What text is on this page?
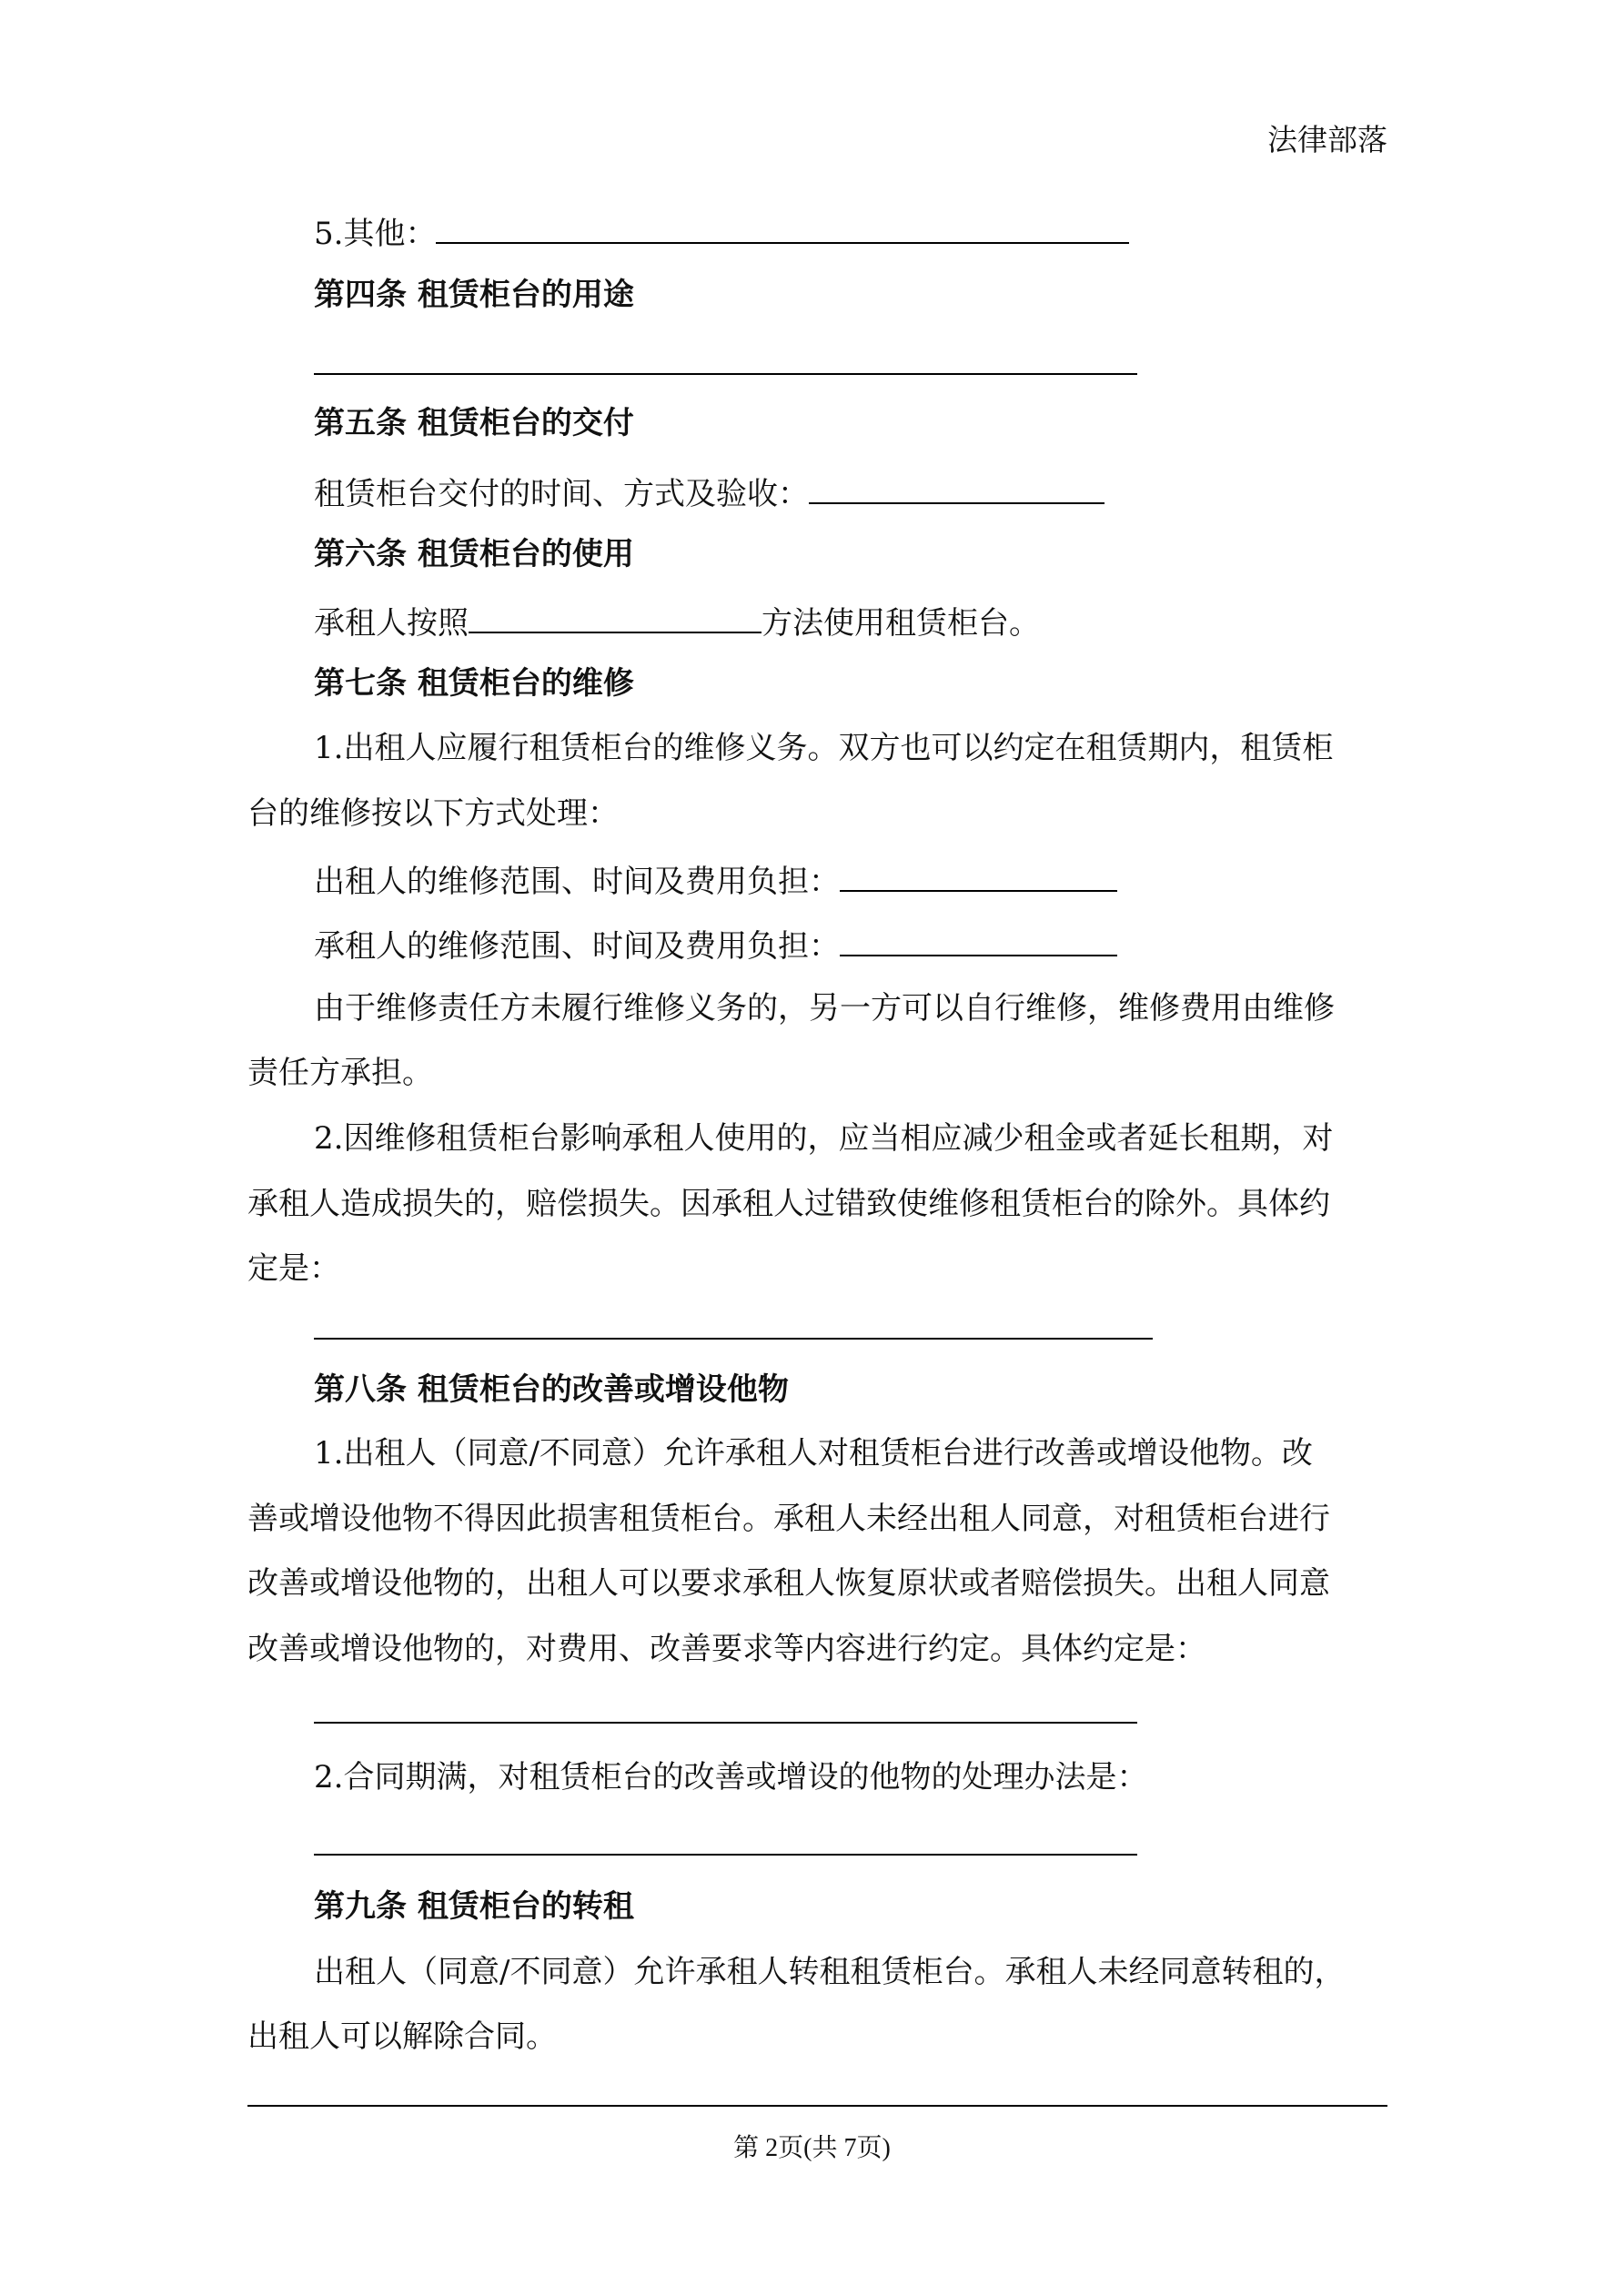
法律部落
5.其他：
第四条 租赁柜台的用途
第五条 租赁柜台的交付
租赁柜台交付的时间、方式及验收：
第六条 租赁柜台的使用
承租人按照	方法使用租赁柜台。
第七条 租赁柜台的维修
1.出租人应履行租赁柜台的维修义务。双方也可以约定在租赁期内，租赁柜
台的维修按以下方式处理：
出租人的维修范围、时间及费用负担：
承租人的维修范围、时间及费用负担：
由于维修责任方未履行维修义务的，另一方可以自行维修，维修费用由维修
责任方承担。
2.因维修租赁柜台影响承租人使用的，应当相应减少租金或者延长租期，对
承租人造成损失的，赔偿损失。因承租人过错致使维修租赁柜台的除外。具体约
定是：
第八条 租赁柜台的改善或增设他物
1.出租人（同意/不同意）允许承租人对租赁柜台进行改善或增设他物。改
善或增设他物不得因此损害租赁柜台。承租人未经出租人同意，对租赁柜台进行
改善或增设他物的，出租人可以要求承租人恢复原状或者赔偿损失。出租人同意
改善或增设他物的，对费用、改善要求等内容进行约定。具体约定是：
2.合同期满，对租赁柜台的改善或增设的他物的处理办法是：
第九条 租赁柜台的转租
出租人（同意/不同意）允许承租人转租租赁柜台。承租人未经同意转租的，
出租人可以解除合同。
第 2页(共 7页)
